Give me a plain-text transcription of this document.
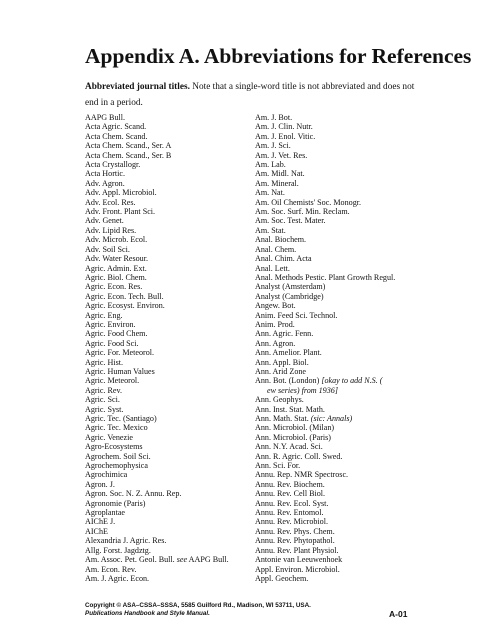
Appendix A. Abbreviations for References

Abbreviated journal titles. Note that a single-word title is not abbreviated and does not end in a period.

AAPG Bull.
Acta Agric. Scand.
Acta Chem. Scand.
Acta Chem. Scand., Ser. A
Acta Chem. Scand., Ser. B
Acta Crystallogr.
Acta Hortic.
Adv. Agron.
Adv. Appl. Microbiol.
Adv. Ecol. Res.
Adv. Front. Plant Sci.
Adv. Genet.
Adv. Lipid Res.
Adv. Microb. Ecol.
Adv. Soil Sci.
Adv. Water Resour.
Agric. Admin. Ext.
Agric. Biol. Chem.
Agric. Econ. Res.
Agric. Econ. Tech. Bull.
Agric. Ecosyst. Environ.
Agric. Eng.
Agric. Environ.
Agric. Food Chem.
Agric. Food Sci.
Agric. For. Meteorol.
Agric. Hist.
Agric. Human Values
Agric. Meteorol.
Agric. Rev.
Agric. Sci.
Agric. Syst.
Agric. Tec. (Santiago)
Agric. Tec. Mexico
Agric. Venezie
Agro-Ecosystems
Agrochem. Soil Sci.
Agrochemophysica
Agrochimica
Agron. J.
Agron. Soc. N. Z. Annu. Rep.
Agronomie (Paris)
Agroplantae
AIChE J.
AIChE
Alexandria J. Agric. Res.
Allg. Forst. Jagdztg.
Am. Assoc. Pet. Geol. Bull. see AAPG Bull.
Am. Econ. Rev.
Am. J. Agric. Econ.
Am. J. Bot.
Am. J. Clin. Nutr.
Am. J. Enol. Vitic.
Am. J. Sci.
Am. J. Vet. Res.
Am. Lab.
Am. Midl. Nat.
Am. Mineral.
Am. Nat.
Am. Oil Chemists' Soc. Monogr.
Am. Soc. Surf. Min. Reclam.
Am. Soc. Test. Mater.
Am. Stat.
Anal. Biochem.
Anal. Chem.
Anal. Chim. Acta
Anal. Lett.
Anal. Methods Pestic. Plant Growth Regul.
Analyst (Amsterdam)
Analyst (Cambridge)
Angew. Bot.
Anim. Feed Sci. Technol.
Anim. Prod.
Ann. Agric. Fenn.
Ann. Agron.
Ann. Amelior. Plant.
Ann. Appl. Biol.
Ann. Arid Zone
Ann. Bot. (London) [okay to add N.S. (
ew series) from 1936]
Ann. Geophys.
Ann. Inst. Stat. Math.
Ann. Math. Stat. (sic: Annals)
Ann. Microbiol. (Milan)
Ann. Microbiol. (Paris)
Ann. N.Y. Acad. Sci.
Ann. R. Agric. Coll. Swed.
Ann. Sci. For.
Annu. Rep. NMR Spectrosc.
Annu. Rev. Biochem.
Annu. Rev. Cell Biol.
Annu. Rev. Ecol. Syst.
Annu. Rev. Entomol.
Annu. Rev. Microbiol.
Annu. Rev. Phys. Chem.
Annu. Rev. Phytopathol.
Annu. Rev. Plant Physiol.
Antonie van Leeuwenhoek
Appl. Environ. Microbiol.
Appl. Geochem.
Copyright © ASA–CSSA–SSSA, 5585 Guilford Rd., Madison, WI 53711, USA.
Publications Handbook and Style Manual.	A-01
